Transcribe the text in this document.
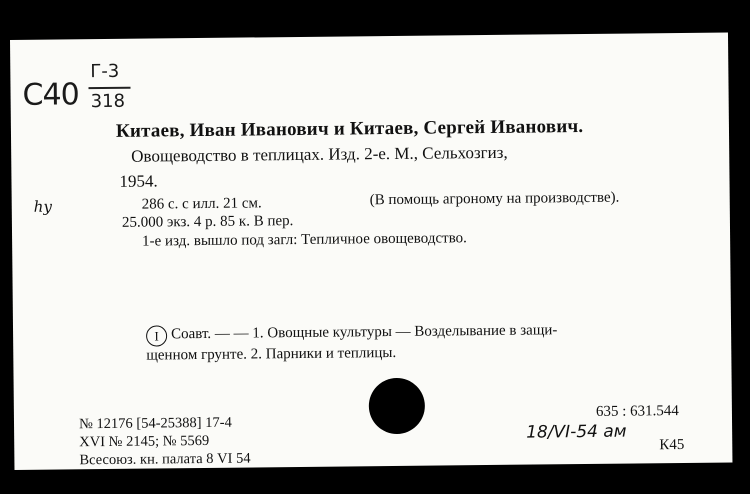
С40
Г-3
318
Китаев, Иван Иванович и Китаев, Сергей Иванович.
Овощеводство в теплицах. Изд. 2-е. М., Сельхозгиз,
1954.
hy	286 с. с илл. 21 см.	(В помощь агроному на производстве).
25.000 экз. 4 р. 85 к. В пер.
1-е изд. вышло под загл: Тепличное овощеводство.
I Соавт. — — 1. Овощные культуры — Возделывание в защи-
щенном грунте. 2. Парники и теплицы.
№ 12176 [54-25388] 17-4
XVI № 2145; № 5569
Всесоюз. кн. палата 8 VI 54
635 : 631.544
К45
18/VI-54 ам
